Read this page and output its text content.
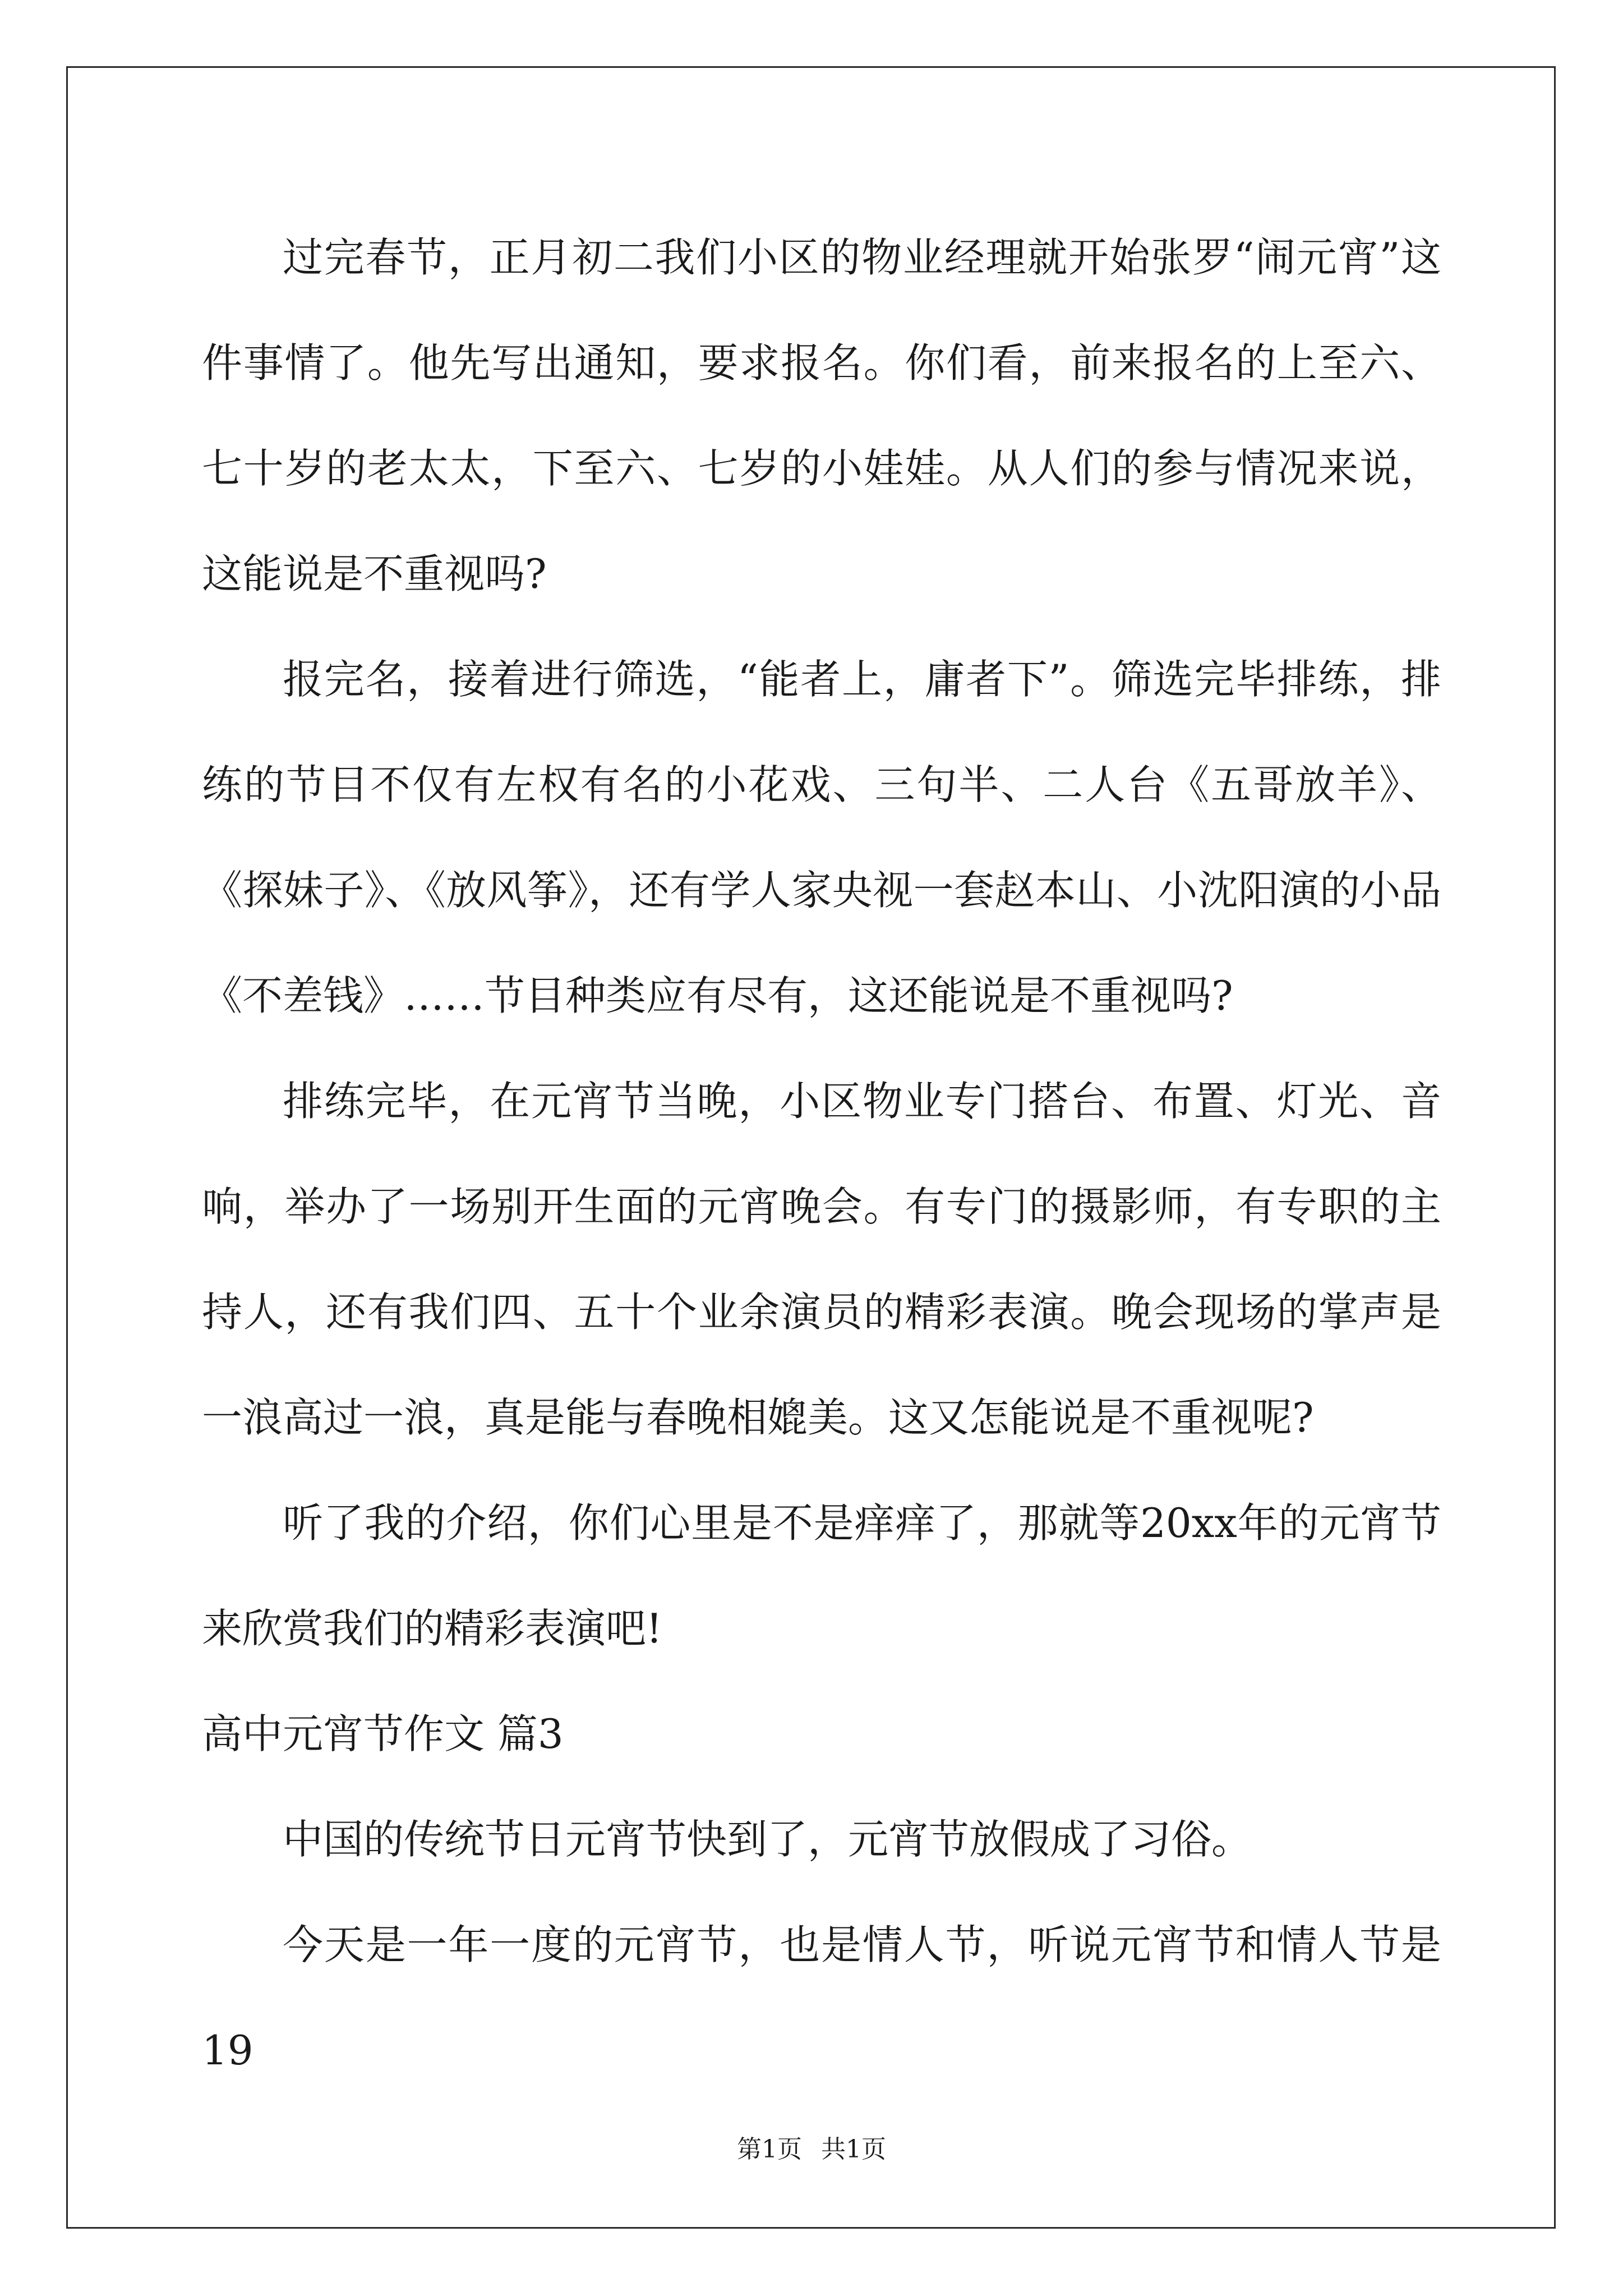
过完春节，正月初二我们小区的物业经理就开始张罗“闹元宵”这件事情了。他先写出通知，要求报名。你们看，前来报名的上至六、七十岁的老太太，下至六、七岁的小娃娃。从人们的参与情况来说，这能说是不重视吗?

报完名，接着进行筛选，“能者上，庸者下”。筛选完毕排练，排练的节目不仅有左权有名的小花戏、三句半、二人台《五哥放羊》、《探妹子》、《放风筝》，还有学人家央视一套赵本山、小沈阳演的小品《不差钱》……节目种类应有尽有，这还能说是不重视吗?

排练完毕，在元宵节当晚，小区物业专门搭台、布置、灯光、音响，举办了一场别开生面的元宵晚会。有专门的摄影师，有专职的主持人，还有我们四、五十个业余演员的精彩表演。晚会现场的掌声是一浪高过一浪，真是能与春晚相媲美。这又怎能说是不重视呢?

听了我的介绍，你们心里是不是痒痒了，那就等20xx年的元宵节来欣赏我们的精彩表演吧!

高中元宵节作文 篇3

中国的传统节日元宵节快到了，元宵节放假成了习俗。

今天是一年一度的元宵节，也是情人节，听说元宵节和情人节是19

第1页 共1页
